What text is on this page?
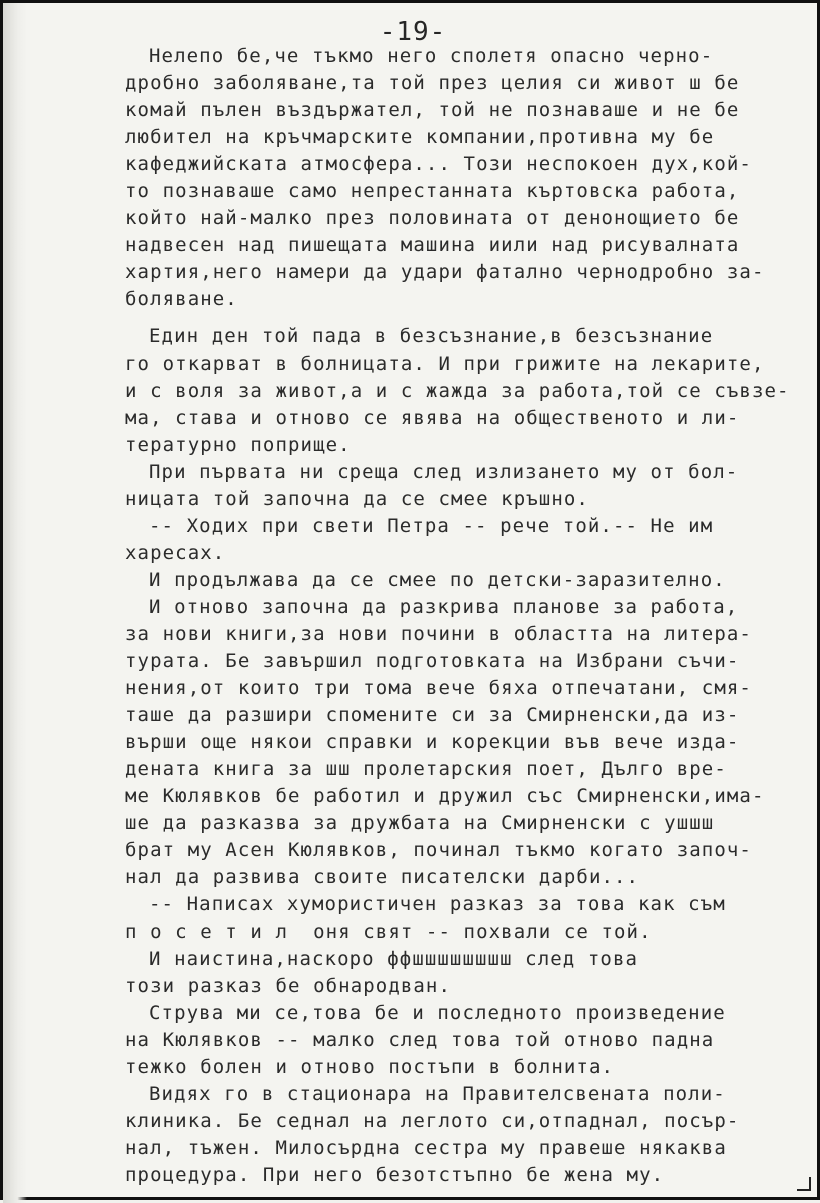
-19-
Нелепо бе,че тъкмо него сполетя опасно черно-
дробно заболяване,та той през целия си живот ш бе
комай пълен въздържател, той не познаваше и не бе
любител на кръчмарските компании,противна му бе
кафеджийската атмосфера... Този неспокоен дух,кой-
то познаваше само непрестанната къртовска работа,
който най-малко през половината от денонощието бе
надвесен над пишещата машина иили над рисувалната
хартия,него намери да удари фатално чернодробно за-
боляване.
Един ден той пада в безсъзнание,в безсъзнание
го откарват в болницата. И при грижите на лекарите,
и с воля за живот,а и с жажда за работа,той се съвзе-
ма, става и отново се явява на общественото и ли-
тературно поприще.
При първата ни среща след излизането му от бол-
ницата той започна да се смее кръшно.
-- Ходих при свети Петра -- рече той.-- Не им
харесах.
И продължава да се смее по детски-заразително.
И отново започна да разкрива планове за работа,
за нови книги,за нови почини в областта на литера-
турата. Бе завършил подготовката на Избрани съчи-
нения,от които три тома вече бяха отпечатани, смя-
таше да разшири спомените си за Смирненски,да из-
върши още някои справки и корекции във вече изда-
дената книга за шш пролетарския поет, Дълго вре-
ме Кюлявков бе работил и дружил със Смирненски,има-
ше да разказва за дружбата на Смирненски с ушшш
брат му Асен Кюлявков, починал тъкмо когато започ-
нал да развива своите писателски дарби...
-- Написах хумористичен разказ за това как съм
п о с е т и л  оня свят -- похвали се той.
И наистина,наскоро ффшшшшшшшш след това
този разказ бе обнародван.
Струва ми се,това бе и последното произведение
на Кюлявков -- малко след това той отново падна
тежко болен и отново постъпи в болнита.
Видях го в стационара на Правителсвената поли-
клиника. Бе седнал на леглото си,отпаднал, посър-
нал, тъжен. Милосърдна сестра му правеше някаква
процедура. При него безотстъпно бе жена му.
